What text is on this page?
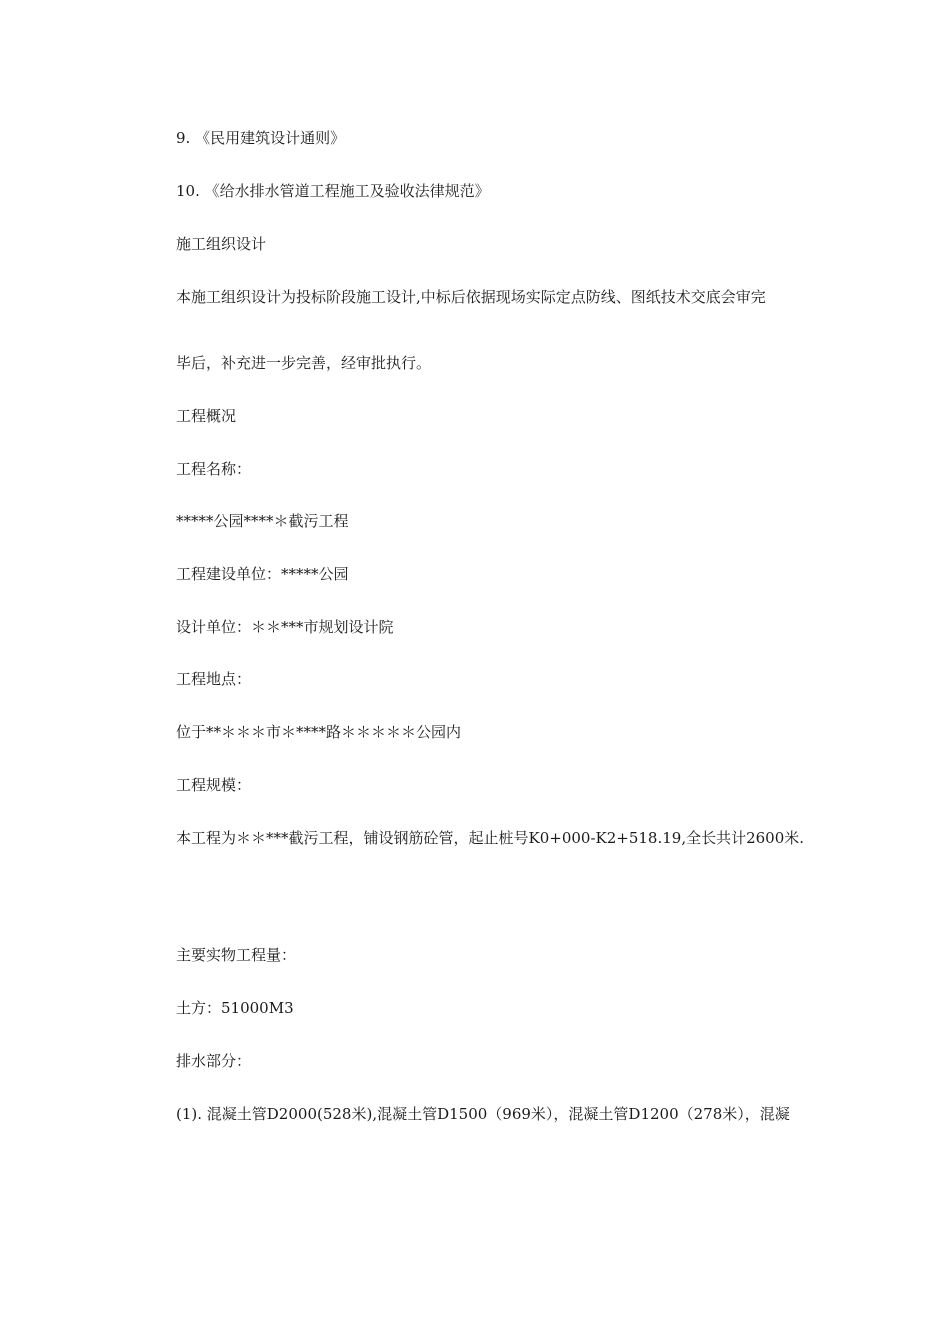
9. 《民用建筑设计通则》
10. 《给水排水管道工程施工及验收法律规范》
施工组织设计
本施工组织设计为投标阶段施工设计,中标后依据现场实际定点防线、图纸技术交底会审完
毕后，补充进一步完善，经审批执行。
工程概况
工程名称：
*****公园****＊截污工程
工程建设单位：*****公园
设计单位：＊＊***市规划设计院
工程地点：
位于**＊＊＊市＊****路＊＊＊＊＊公园内
工程规模：
本工程为＊＊***截污工程，铺设钢筋砼管，起止桩号K0+000-K2+518.19,全长共计2600米.
主要实物工程量：
土方：51000M3
排水部分：
(1). 混凝土管D2000(528米),混凝土管D1500（969米），混凝土管D1200（278米），混凝
